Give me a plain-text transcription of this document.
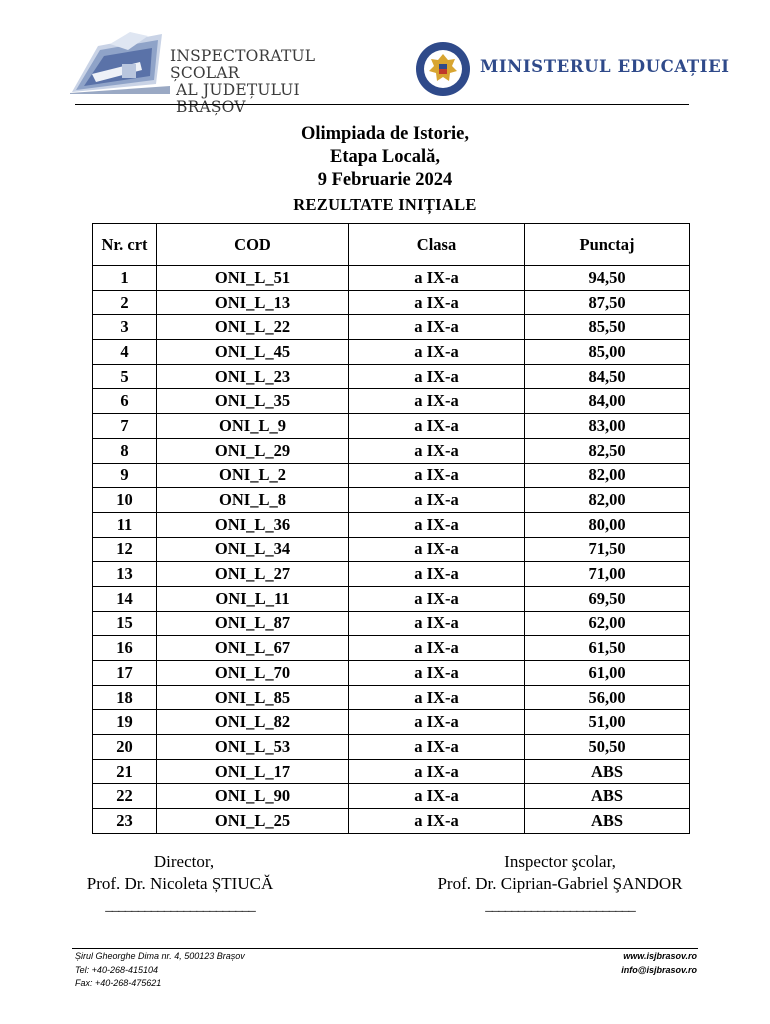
INSPECTORATUL ȘCOLAR
AL JUDEȚULUI BRAȘOV
MINISTERUL EDUCAȚIEI
Olimpiada de Istorie,
Etapa Locală,
9 Februarie 2024
REZULTATE INIȚIALE
Nr. crt	COD	Clasa	Punctaj
1	ONI_L_51	a IX-a	94,50
2	ONI_L_13	a IX-a	87,50
3	ONI_L_22	a IX-a	85,50
4	ONI_L_45	a IX-a	85,00
5	ONI_L_23	a IX-a	84,50
6	ONI_L_35	a IX-a	84,00
7	ONI_L_9	a IX-a	83,00
8	ONI_L_29	a IX-a	82,50
9	ONI_L_2	a IX-a	82,00
10	ONI_L_8	a IX-a	82,00
11	ONI_L_36	a IX-a	80,00
12	ONI_L_34	a IX-a	71,50
13	ONI_L_27	a IX-a	71,00
14	ONI_L_11	a IX-a	69,50
15	ONI_L_87	a IX-a	62,00
16	ONI_L_67	a IX-a	61,50
17	ONI_L_70	a IX-a	61,00
18	ONI_L_85	a IX-a	56,00
19	ONI_L_82	a IX-a	51,00
20	ONI_L_53	a IX-a	50,50
21	ONI_L_17	a IX-a	ABS
22	ONI_L_90	a IX-a	ABS
23	ONI_L_25	a IX-a	ABS
Director,
Prof. Dr. Nicoleta ȘTIUCĂ
_______________________
Inspector şcolar,
Prof. Dr. Ciprian-Gabriel ŞANDOR
_______________________
Șirul Gheorghe Dima nr. 4, 500123 Brașov
Tel: +40-268-415104
Fax: +40-268-475621
www.isjbrasov.ro
info@isjbrasov.ro
